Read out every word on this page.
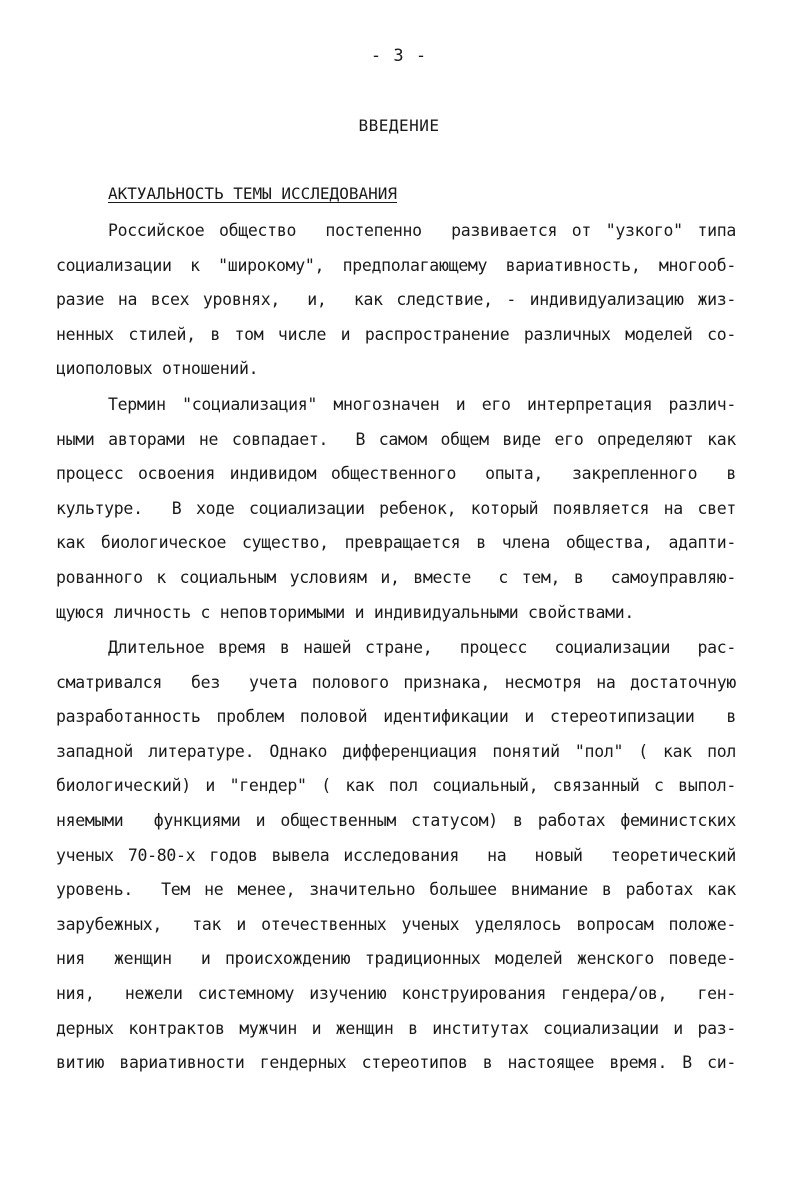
- 3 -
ВВЕДЕНИЕ
АКТУАЛЬНОСТЬ ТЕМЫ ИССЛЕДОВАНИЯ
Российское общество  постепенно  развивается от "узкого" типа
социализации к "широкому", предполагающему вариативность, многооб-
разие на всех уровнях,  и,  как следствие, - индивидуализацию жиз-
ненных стилей, в том числе и распространение различных моделей со-
циополовых отношений.
Термин "социализация" многозначен и его интерпретация различ-
ными авторами не совпадает.  В самом общем виде его определяют как
процесс освоения индивидом общественного  опыта,  закрепленного  в
культуре.  В ходе социализации ребенок, который появляется на свет
как биологическое существо, превращается в члена общества, адапти-
рованного к социальным условиям и, вместе  с тем, в  самоуправляю-
щуюся личность с неповторимыми и индивидуальными свойствами.
Длительное время в нашей стране,  процесс  социализации  рас-
сматривался  без  учета полового признака, несмотря на достаточную
разработанность проблем половой идентификации и стереотипизации  в
западной литературе. Однако дифференциация понятий "пол" ( как пол
биологический) и "гендер" ( как пол социальный, связанный с выпол-
няемыми  функциями и общественным статусом) в работах феминистских
ученых 70-80-х годов вывела исследования  на  новый  теоретический
уровень.  Тем не менее, значительно большее внимание в работах как
зарубежных,  так и отечественных ученых уделялось вопросам положе-
ния  женщин  и происхождению традиционных моделей женского поведе-
ния,  нежели системному изучению конструирования гендера/ов,  ген-
дерных контрактов мужчин и женщин в институтах социализации и раз-
витию вариативности гендерных стереотипов в настоящее время. В си-
